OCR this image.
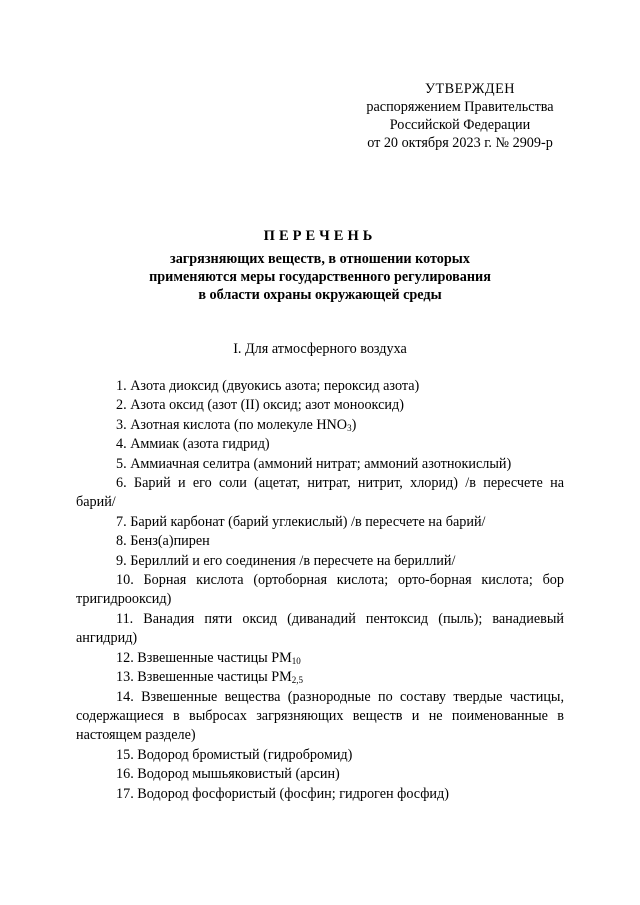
УТВЕРЖДЕН
распоряжением Правительства
Российской Федерации
от 20 октября 2023 г. № 2909-р
ПЕРЕЧЕНЬ
загрязняющих веществ, в отношении которых
применяются меры государственного регулирования
в области охраны окружающей среды
I. Для атмосферного воздуха

1. Азота диоксид (двуокись азота; пероксид азота)

2. Азота оксид (азот (II) оксид; азот монооксид)

3. Азотная кислота (по молекуле $HNO_3$)

4. Аммиак (азота гидрид)

5. Аммиачная селитра (аммоний нитрат; аммоний азотнокислый)

6. Барий и его соли (ацетат, нитрат, нитрит, хлорид) /в пересчете на барий/

7. Барий карбонат (барий углекислый) /в пересчете на барий/

8. Бенз(а)пирен

9. Бериллий и его соединения /в пересчете на бериллий/

10. Борная кислота (ортоборная кислота; орто-борная кислота; бор тригидрооксид)

11. Ванадия пяти оксид (диванадий пентоксид (пыль); ванадиевый ангидрид)

12. Взвешенные частицы $PM_{10}$

13. Взвешенные частицы $PM_{2,5}$

14. Взвешенные вещества (разнородные по составу твердые частицы, содержащиеся в выбросах загрязняющих веществ и не поименованные в настоящем разделе)

15. Водород бромистый (гидробромид)

16. Водород мышьяковистый (арсин)

17. Водород фосфористый (фосфин; гидроген фосфид)
